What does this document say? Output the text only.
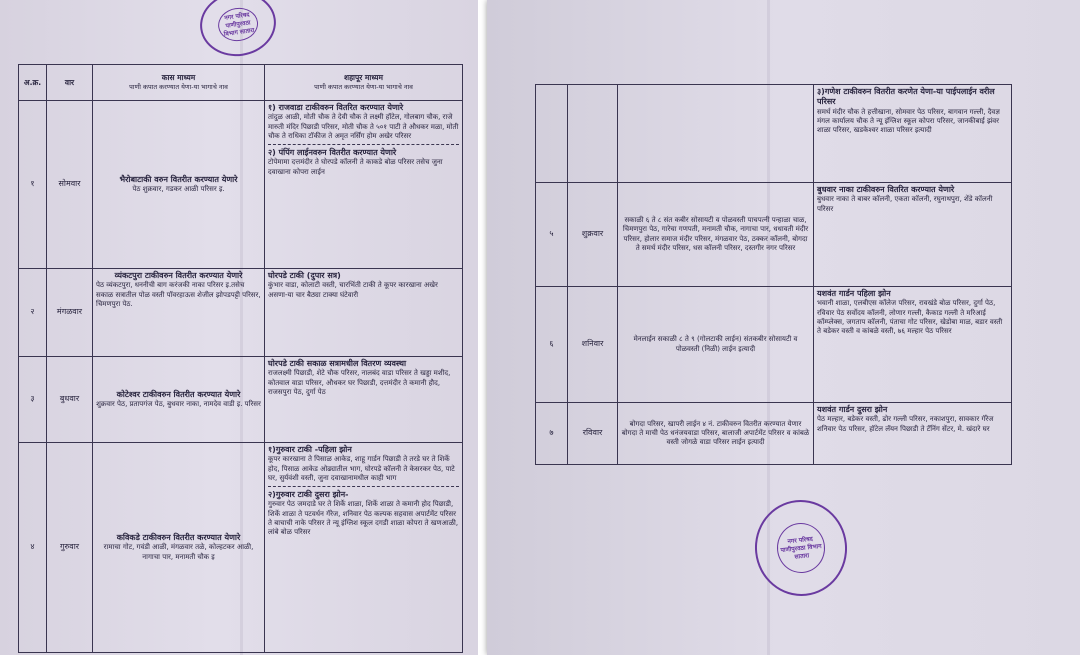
नगर परिषद पाणीपुरवठा विभाग सातारा
अ.क्र.	वार	कास माध्यम
पाणी कपात करण्यात येणा-या भागाचे नाव	शहापूर माध्यम
पाणी कपात करण्यात येणा-या भागाचे नाव

१	सोमवार	भैरोबाटाकी वरुन वितरीत करण्यात येणारे
पेठ शुक्रवार, गडकर आळी परिसर इ.	१) राजवाडा टाकीवरुन वितरित करण्यात येणारे
तांदुळ आळी, मोती चौक ते देवी चौक ते लक्ष्मी हॉटेल, गोलबाग चौक, राजे मारुती मंदिर पिछाडी परिसर, मोती चौक ते ५०१ पाटी ते औधकर मळा, मोती चौक ते राधिका टॉकीज ते अमृत नर्सिंग होम अखेर परिसर
२) पंपिंग लाईनवरुन वितरीत करण्यात येणारे
टोपेमामा दत्तमंदीर ते घोरपडे कॉलनी ते काकडे बोळ परिसर तसेच जुना दवाखाना कोपरा लाईन

२	मंगळवार	व्यंकटपुरा टाकीवरुन वितरीत करण्यात येणारे
पेठ व्यंकटपुरा, धननीची बाग करंजकी नाका परिसर इ.तसेच सकाळ सत्रातील पोळ वस्ती पॉवरहाऊस शेजील झोपडपट्टी परिसर, चिमणपुरा पेठ.	घोरपडे टाकी (दुपार सत्र)
कुंभार वाडा, कोलाटी वस्ती, चारभिंती टाकी ते कूपर कारखाना अखेर असणा-या चार बैठ्या टाक्या घंटेवारी

३	बुधवार	कोटेश्वर टाकीवरुन वितरीत करण्यात येणारे
शुक्रवार पेठ, प्रतापगंज पेठ, बुधवार नाका, नामदेव वाडी इ. परिसर	घोरपडे टाकी सकाळ सत्रामधील वितरण व्यवस्था
राजलक्ष्मी पिछाडी, शेटे चौक परिसर, नालबंद वाडा परिसर ते खड्डा मशीद, कोतवाल वाडा परिसर, औधकर घर पिछाडी, दत्तमंदीर ते कमानी हौद, राजसपुरा पेठ, दुर्गा पेठ

४	गुरुवार	कविकडे टाकीवरुन वितरीत करण्यात येणारे
रामाचा गोट, गवंडी आळी, मंगळवार तळे, कोल्हटकर आळी, नागाचा पार, मनामती चौक इ	१)गुरुवार टाकी -पहिला झोन
कूपर कारखाना ते पिसाळ आकेड, शाहू गार्डन पिछाडी ते तरडे घर ते शिर्के होद, पिसाळ आकेड ओढ्यातील भाग, घोरपडे कॉलनी ते केसरकर पेठ, पाटे घर, सुर्यवंशी वस्ती, जुना दवाखानामधील काही भाग
२)गुरुवार टाकी दुसरा झोन-
गुरुवार पेठ जमदाडे घर ते शिर्के शाळा, शिर्के शाळा ते कमानी होद पिछाडी, शिर्के शाळा ते पटवर्धन गॅरेज, शनिवार पेठ कल्पक सहवास अपार्टमेंट परिसर ते बाचाची नाके परिसर ते न्यू इंग्लिश स्कूल दगडी शाळा कोपरा ते खणआळी, लांबे बोळ परिसर

			३)गणेश टाकीवरुन वितरीत करणेत येणा-या पाईपलाईन वरील परिसर
समर्थ मंदीर चौक ते हत्तीखाना, सोमवार पेठ परिसर, बागवान गल्ली, दैवज्ञ मंगल कार्यालय चौक ते न्यू इंग्लिश स्कूल कोपरा परिसर, जानकीबाई झंवर शाळा परिसर, खडकेश्वर शाळा परिसर इत्यादी

५	शुक्रवार	सकाळी ६ ते ८ संत कबीर सोसायटी व पोळवस्ती पाचपत्नी पन्हाळा चाळ, चिमणपुरा पेठ, गारेचा गणपती, मनामती चौक, नागाचा पार, धधावती मंदीर परिसर, होलार समाज मंदीर परिसर, मंगळवार पेठ, ठक्कर कॉलनी, बोगदा ते समर्थ मंदीर परिसर, धस कॉलनी परिसर, दस्तगीर नगर परिसर	बुधवार नाका टाकीवरुन वितरित करण्यात येणारे
बुधवार नाका ते बाबर कॉलनी, एकता कॉलनी, रघुनाथपुरा, शेंडे कॉलनी परिसर

६	शनिवार	मेनलाईन सकाळी ८ ते ९ (गोलटाकी लाईन) संतकबीर सोसायटी व पोळवस्ती (निळी) लाईन इत्यादी	यशवंत गार्डन पहिला झोन
भवानी शाळा, एलबीएस कॉलेज परिसर, रावखंडे बोळ परिसर, दुर्गा पेठ, रविवार पेठ सर्वोदय कॉलनी, लोणार गल्ली, कैकाड गल्ली ते मरिआई कॉम्प्लेक्स, जगताप कॉलनी, पंताचा गोट परिसर, खेडोबा माळ, बडार वस्ती ते बडेकर वस्ती व कांबळे वस्ती, ७६ मल्हार पेठ परिसर

७	रविवार	बोगदा परिसर, खापरी लाईन ४ नं. टाकीवरुन वितरीत करण्यात येणार बोगदा ते माची पेठ धनंजयवाडा परिसर, बालाजी अपार्टमेंट परिसर व कांबळे वस्ती जोगळे वाडा परिसर लाईन इत्यादी	यशवंत गार्डन दुसरा झोन
पेठ मल्हार, बडेकर वस्ती, ढोर गल्ली परिसर, नकाशपुरा, सावकार गॅरेज शनिवार पेठ परिसर, हॉटेल लॅयन पिछाडी ते टॅनिंग सेंटर, मे. खंदारे घर
नगर परिषद पाणीपुरवठा विभाग सातारा
